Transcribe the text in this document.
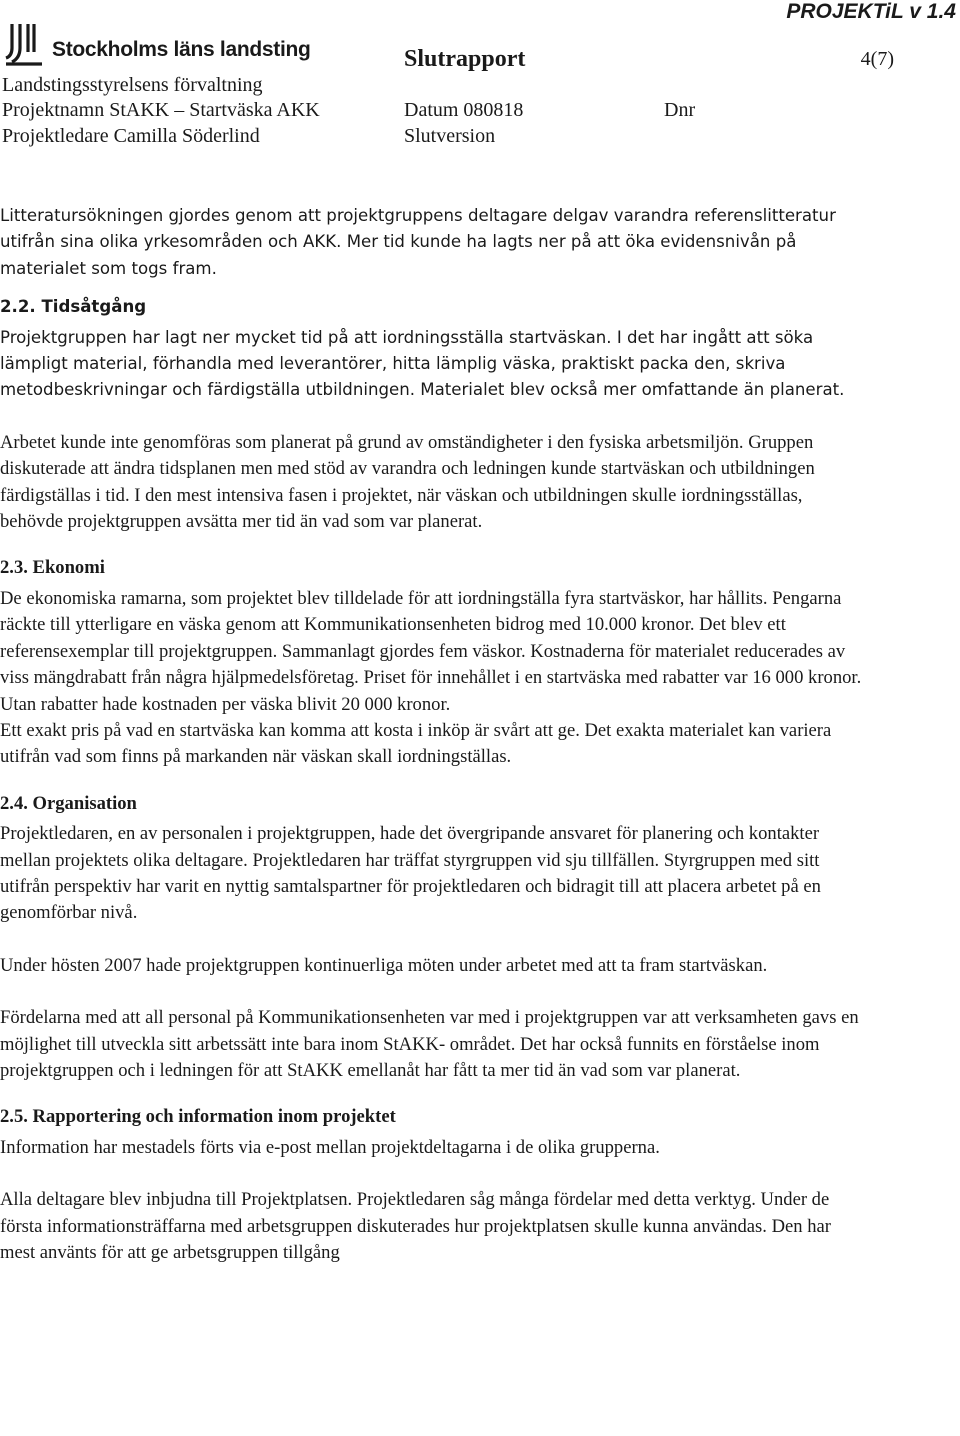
PROJEKTiL v 1.4
Stockholms läns landsting
Landstingsstyrelsens förvaltning
Projektnamn StAKK – Startväska AKK
Projektledare Camilla Söderlind
Slutrapport	4(7)
Datum 080818
Slutversion
Dnr

Litteratursökningen gjordes genom att projektgruppens deltagare delgav varandra referenslitteratur utifrån sina olika yrkesområden och AKK. Mer tid kunde ha lagts ner på att öka evidensnivån på materialet som togs fram.

2.2. Tidsåtgång

Projektgruppen har lagt ner mycket tid på att iordningsställa startväskan. I det har ingått att söka lämpligt material, förhandla med leverantörer, hitta lämplig väska, praktiskt packa den, skriva metodbeskrivningar och färdigställa utbildningen. Materialet blev också mer omfattande än planerat.

Arbetet kunde inte genomföras som planerat på grund av omständigheter i den fysiska arbetsmiljön. Gruppen diskuterade att ändra tidsplanen men med stöd av varandra och ledningen kunde startväskan och utbildningen färdigställas i tid. I den mest intensiva fasen i projektet, när väskan och utbildningen skulle iordningsställas, behövde projektgruppen avsätta mer tid än vad som var planerat.

2.3. Ekonomi

De ekonomiska ramarna, som projektet blev tilldelade för att iordningställa fyra startväskor, har hållits. Pengarna räckte till ytterligare en väska genom att Kommunikationsenheten bidrog med 10.000 kronor. Det blev ett referensexemplar till projektgruppen. Sammanlagt gjordes fem väskor. Kostnaderna för materialet reducerades av viss mängdrabatt från några hjälpmedelsföretag. Priset för innehållet i en startväska med rabatter var 16 000 kronor. Utan rabatter hade kostnaden per väska blivit 20 000 kronor.

Ett exakt pris på vad en startväska kan komma att kosta i inköp är svårt att ge. Det exakta materialet kan variera utifrån vad som finns på markanden när väskan skall iordningställas.

2.4. Organisation

Projektledaren, en av personalen i projektgruppen, hade det övergripande ansvaret för planering och kontakter mellan projektets olika deltagare. Projektledaren har träffat styrgruppen vid sju tillfällen. Styrgruppen med sitt utifrån perspektiv har varit en nyttig samtalspartner för projektledaren och bidragit till att placera arbetet på en genomförbar nivå.

Under hösten 2007 hade projektgruppen kontinuerliga möten under arbetet med att ta fram startväskan.

Fördelarna med att all personal på Kommunikationsenheten var med i projektgruppen var att verksamheten gavs en möjlighet till utveckla sitt arbetssätt inte bara inom StAKK- området. Det har också funnits en förståelse inom projektgruppen och i ledningen för att StAKK emellanåt har fått ta mer tid än vad som var planerat.

2.5. Rapportering och information inom projektet

Information har mestadels förts via e-post mellan projektdeltagarna i de olika grupperna.

Alla deltagare blev inbjudna till Projektplatsen. Projektledaren såg många fördelar med detta verktyg. Under de första informationsträffarna med arbetsgruppen diskuterades hur projektplatsen skulle kunna användas. Den har mest använts för att ge arbetsgruppen tillgång
